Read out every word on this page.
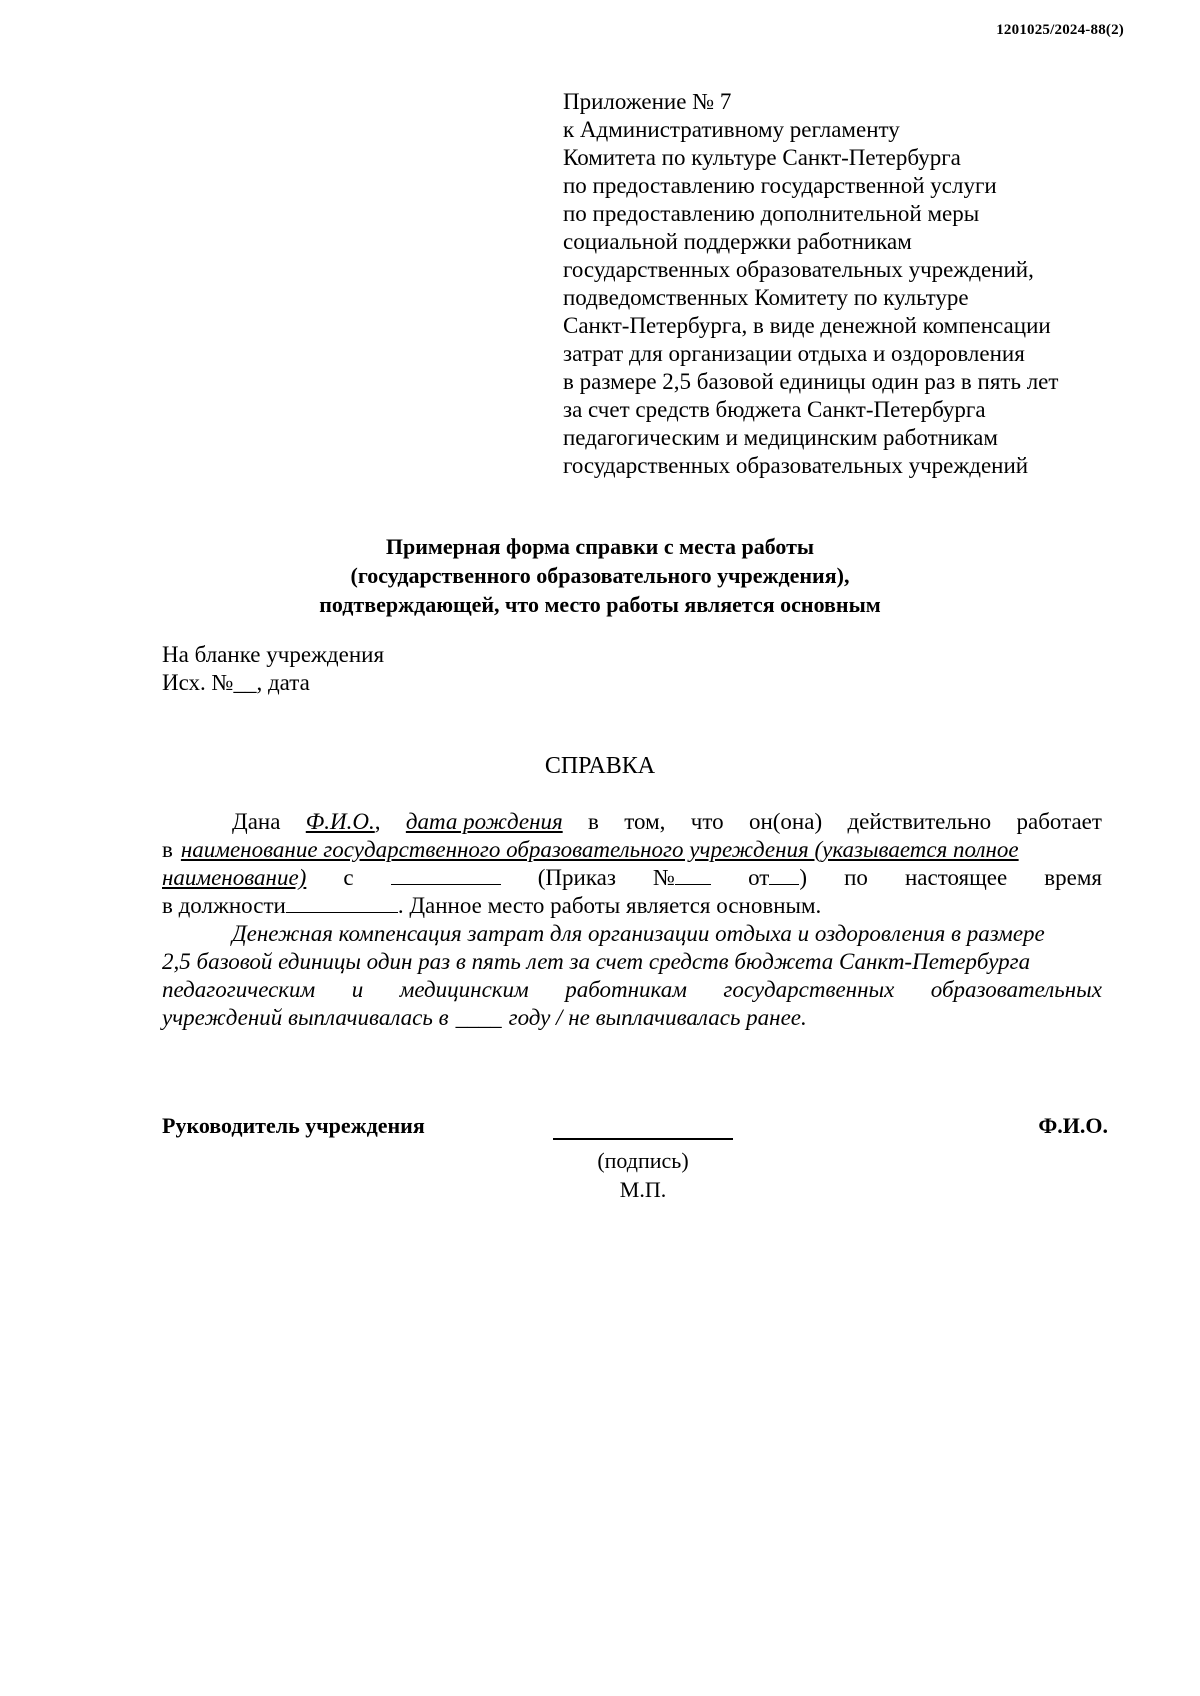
1201025/2024-88(2)
Приложение № 7
к Административному регламенту
Комитета по культуре Санкт-Петербурга
по предоставлению государственной услуги
по предоставлению дополнительной меры
социальной поддержки работникам
государственных образовательных учреждений,
подведомственных Комитету по культуре
Санкт-Петербурга, в виде денежной компенсации
затрат для организации отдыха и оздоровления
в размере 2,5 базовой единицы один раз в пять лет
за счет средств бюджета Санкт-Петербурга
педагогическим и медицинским работникам
государственных образовательных учреждений
Примерная форма справки с места работы
(государственного образовательного учреждения),
подтверждающей, что место работы является основным
На бланке учреждения
Исх. №__, дата
СПРАВКА
Дана Ф.И.О., дата рождения в том, что он(она) действительно работает
в наименование государственного образовательного учреждения (указывается полное
наименование) с	(Приказ №	от ) по настоящее время
в должности	. Данное место работы является основным.
Денежная компенсация затрат для организации отдыха и оздоровления в размере
2,5 базовой единицы один раз в пять лет за счет средств бюджета Санкт-Петербурга
педагогическим и медицинским работникам государственных образовательных
учреждений выплачивалась в ____ году / не выплачивалась ранее.
Руководитель учреждения	Ф.И.О.
(подпись)
М.П.
